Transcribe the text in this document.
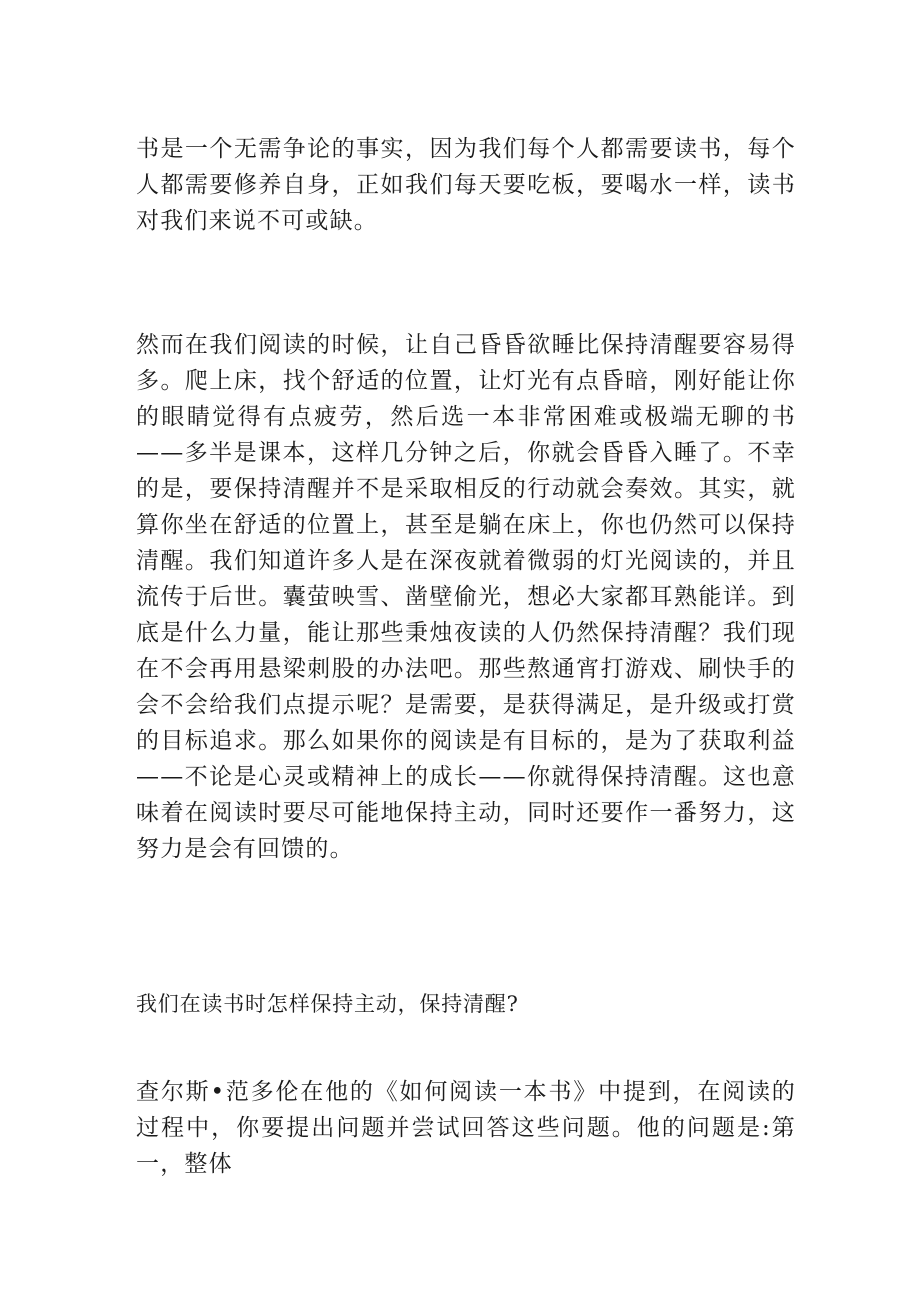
书是一个无需争论的事实，因为我们每个人都需要读书，每个人都需要修养自身，正如我们每天要吃板，要喝水一样，读书对我们来说不可或缺。

然而在我们阅读的时候，让自己昏昏欲睡比保持清醒要容易得多。爬上床，找个舒适的位置，让灯光有点昏暗，刚好能让你的眼睛觉得有点疲劳，然后选一本非常困难或极端无聊的书——多半是课本，这样几分钟之后，你就会昏昏入睡了。不幸的是，要保持清醒并不是采取相反的行动就会奏效。其实，就算你坐在舒适的位置上，甚至是躺在床上，你也仍然可以保持清醒。我们知道许多人是在深夜就着微弱的灯光阅读的，并且流传于后世。囊萤映雪、凿壁偷光，想必大家都耳熟能详。到底是什么力量，能让那些秉烛夜读的人仍然保持清醒？我们现在不会再用悬梁刺股的办法吧。那些熬通宵打游戏、刷快手的会不会给我们点提示呢？是需要，是获得满足，是升级或打赏的目标追求。那么如果你的阅读是有目标的，是为了获取利益——不论是心灵或精神上的成长——你就得保持清醒。这也意味着在阅读时要尽可能地保持主动，同时还要作一番努力，这努力是会有回馈的。

我们在读书时怎样保持主动，保持清醒?

查尔斯•范多伦在他的《如何阅读一本书》中提到，在阅读的过程中，你要提出问题并尝试回答这些问题。他的问题是:第一，整体
